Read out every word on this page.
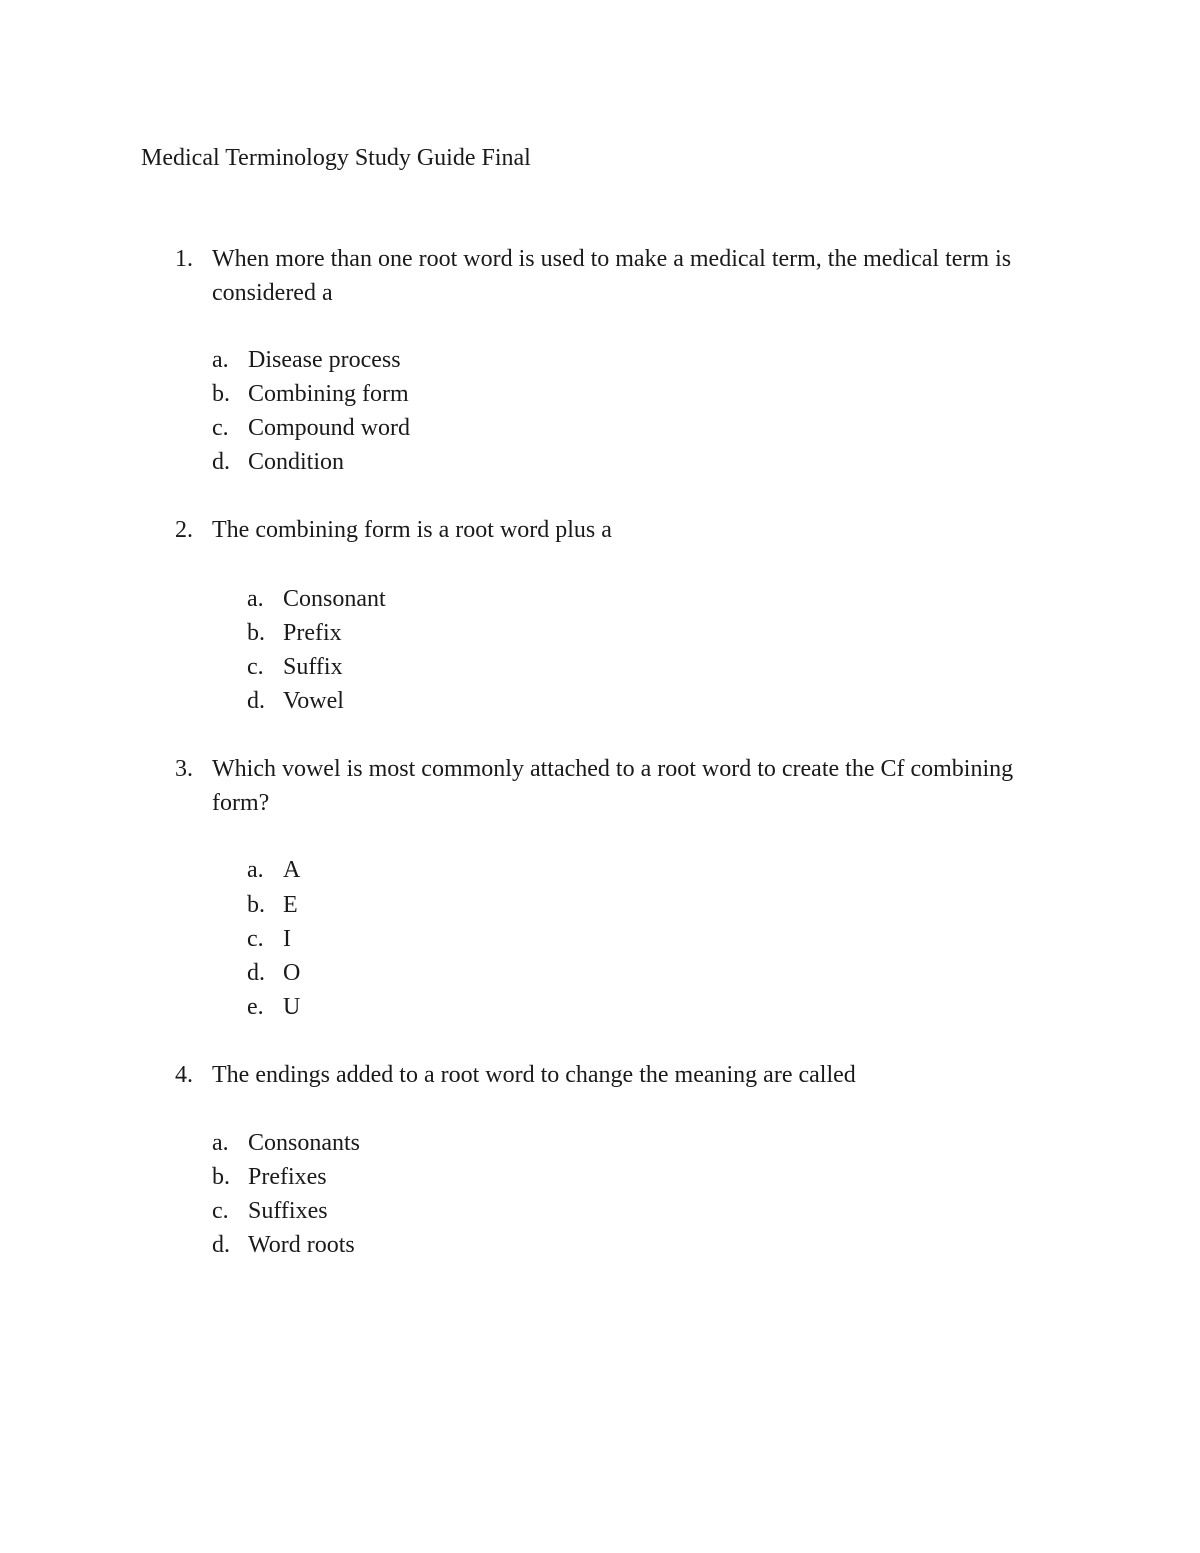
Medical Terminology Study Guide Final
1. When more than one root word is used to make a medical term, the medical term is considered a
a. Disease process
b. Combining form
c. Compound word
d. Condition
2. The combining form is a root word plus a
a. Consonant
b. Prefix
c. Suffix
d. Vowel
3. Which vowel is most commonly attached to a root word to create the Cf combining form?
a. A
b. E
c. I
d. O
e. U
4. The endings added to a root word to change the meaning are called
a. Consonants
b. Prefixes
c. Suffixes
d. Word roots
